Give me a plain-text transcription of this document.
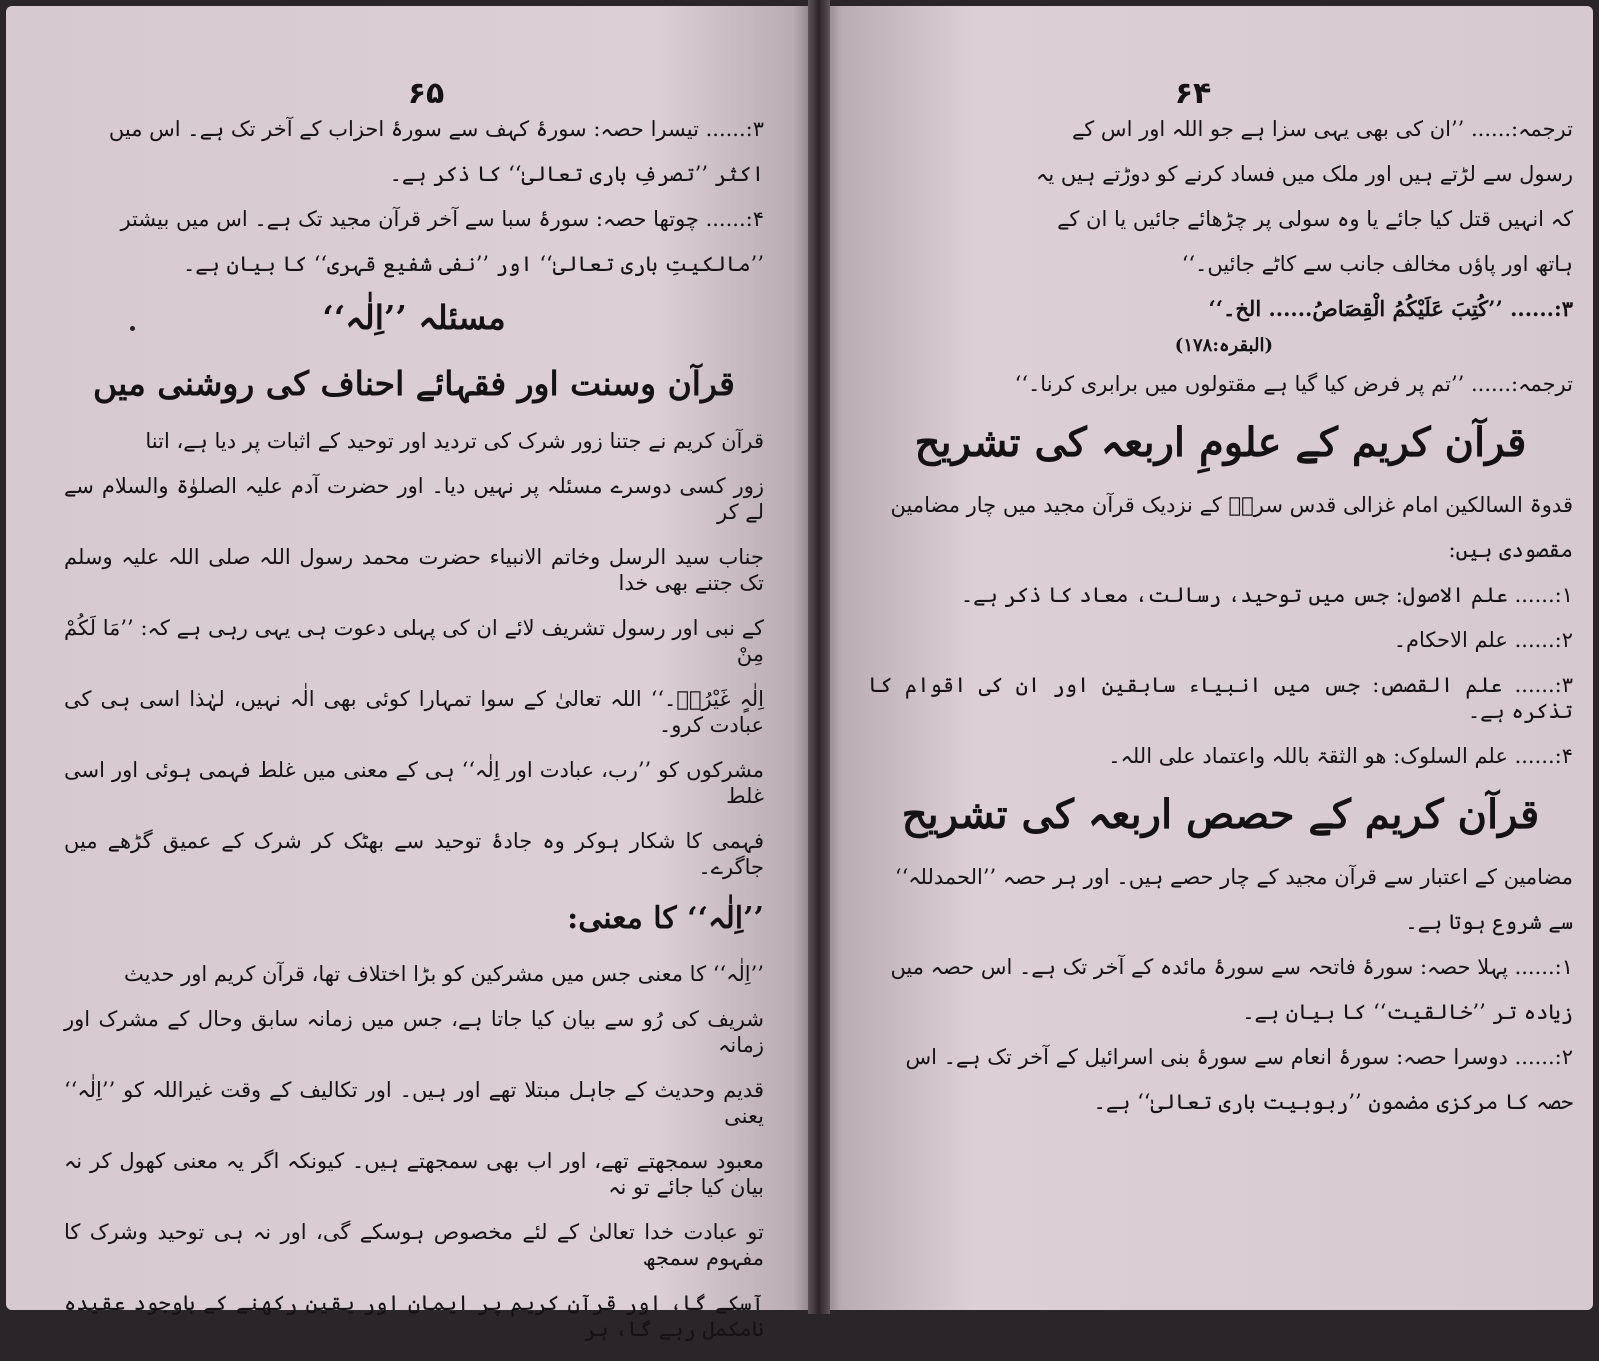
۶۵

۳:...... تیسرا حصہ: سورۂ کہف سے سورۂ احزاب کے آخر تک ہے۔ اس میں

اکثر ’’تصرفِ باری تعالیٰ‘‘ کا ذکر ہے۔

۴:...... چوتھا حصہ: سورۂ سبا سے آخر قرآن مجید تک ہے۔ اس میں بیشتر

’’مالکیتِ باری تعالیٰ‘‘ اور ’’نفی شفیع قہری‘‘ کا بیان ہے۔

مسئلہ ’’اِلٰہ‘‘
قرآن وسنت اور فقہائے احناف کی روشنی میں

قرآن کریم نے جتنا زور شرک کی تردید اور توحید کے اثبات پر دیا ہے، اتنا

زور کسی دوسرے مسئلہ پر نہیں دیا۔ اور حضرت آدم علیہ الصلوٰۃ والسلام سے لے کر

جناب سید الرسل وخاتم الانبیاء حضرت محمد رسول اللہ صلی اللہ علیہ وسلم تک جتنے بھی خدا

کے نبی اور رسول تشریف لائے ان کی پہلی دعوت ہی یہی رہی ہے کہ: ’’مَا لَکُمْ مِنْ

اِلٰہٍ غَیْرُہٗ۔‘‘ اللہ تعالیٰ کے سوا تمہارا کوئی بھی الٰہ نہیں، لہٰذا اسی ہی کی عبادت کرو۔

مشرکوں کو ’’رب، عبادت اور اِلٰہ‘‘ ہی کے معنی میں غلط فہمی ہوئی اور اسی غلط

فہمی کا شکار ہوکر وہ جادۂ توحید سے بھٹک کر شرک کے عمیق گڑھے میں جاگرے۔

’’اِلٰہ‘‘ کا معنی:

’’اِلٰہ‘‘ کا معنی جس میں مشرکین کو بڑا اختلاف تھا، قرآن کریم اور حدیث

شریف کی رُو سے بیان کیا جاتا ہے، جس میں زمانہ سابق وحال کے مشرک اور زمانہ

قدیم وحدیث کے جاہل مبتلا تھے اور ہیں۔ اور تکالیف کے وقت غیراللہ کو ’’اِلٰہ‘‘ یعنی

معبود سمجھتے تھے، اور اب بھی سمجھتے ہیں۔ کیونکہ اگر یہ معنی کھول کر نہ بیان کیا جائے تو نہ

تو عبادت خدا تعالیٰ کے لئے مخصوص ہوسکے گی، اور نہ ہی توحید وشرک کا مفہوم سمجھ

آسکے گا، اور قرآن کریم پر ایمان اور یقین رکھنے کے باوجود عقیدہ نامکمل رہے گا، ہر

۶۴

ترجمہ:...... ’’ان کی بھی یہی سزا ہے جو اللہ اور اس کے

رسول سے لڑتے ہیں اور ملک میں فساد کرنے کو دوڑتے ہیں یہ

کہ انہیں قتل کیا جائے یا وہ سولی پر چڑھائے جائیں یا ان کے

ہاتھ اور پاؤں مخالف جانب سے کاٹے جائیں۔‘‘

۳:...... ’’کُتِبَ عَلَیْکُمُ الْقِصَاصُ...... الخ۔‘‘

(البقرہ:۱۷۸)

ترجمہ:...... ’’تم پر فرض کیا گیا ہے مقتولوں میں برابری کرنا۔‘‘

قرآن کریم کے علومِ اربعہ کی تشریح

قدوۃ السالکین امام غزالی قدس سرہٗ کے نزدیک قرآن مجید میں چار مضامین

مقصودی ہیں:

۱:...... علم الاصول: جس میں توحید، رسالت، معاد کا ذکر ہے۔

۲:...... علم الاحکام۔

۳:...... علم القصص: جس میں انبیاء سابقین اور ان کی اقوام کا تذکرہ ہے۔

۴:...... علم السلوک: ھو الثقۃ باللہ واعتماد علی اللہ۔

قرآن کریم کے حصص اربعہ کی تشریح

مضامین کے اعتبار سے قرآن مجید کے چار حصے ہیں۔ اور ہر حصہ ’’الحمدللہ‘‘

سے شروع ہوتا ہے۔

۱:...... پہلا حصہ: سورۂ فاتحہ سے سورۂ مائدہ کے آخر تک ہے۔ اس حصہ میں

زیادہ تر ’’خالقیت‘‘ کا بیان ہے۔

۲:...... دوسرا حصہ: سورۂ انعام سے سورۂ بنی اسرائیل کے آخر تک ہے۔ اس

حصہ کا مرکزی مضمون ’’ربوبیت باری تعالیٰ‘‘ ہے۔
